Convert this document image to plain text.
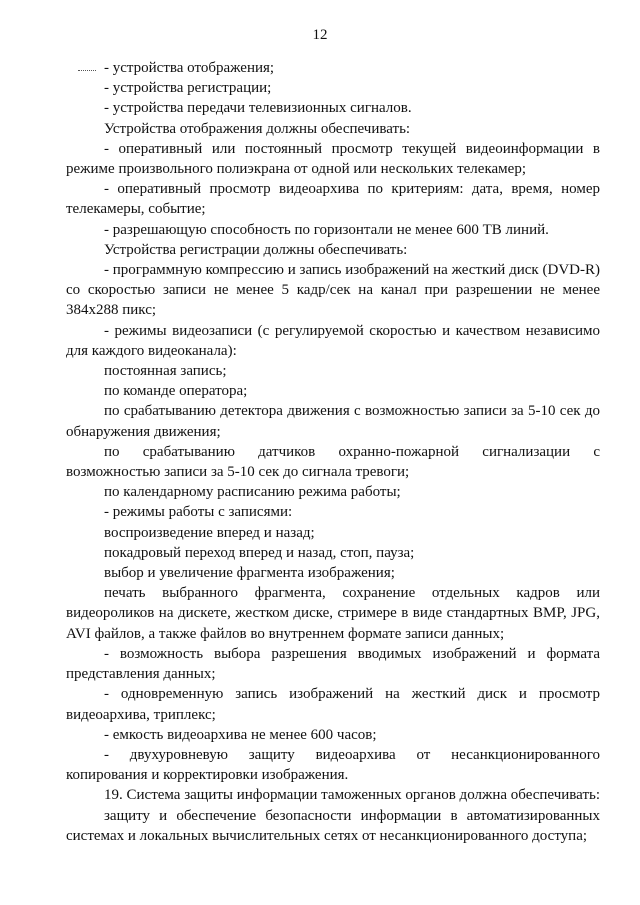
12

- устройства отображения;

- устройства регистрации;

- устройства передачи телевизионных сигналов.

Устройства отображения должны обеспечивать:

- оперативный или постоянный просмотр текущей видеоинформации в режиме произвольного полиэкрана от одной или нескольких телекамер;

- оперативный просмотр видеоархива по критериям: дата, время, номер телекамеры, событие;

- разрешающую способность по горизонтали не менее 600 ТВ линий.

Устройства регистрации должны обеспечивать:

- программную компрессию и запись изображений на жесткий диск (DVD-R) со скоростью записи не менее 5 кадр/сек на канал при разрешении не менее 384х288 пикс;

- режимы видеозаписи (с регулируемой скоростью и качеством независимо для каждого видеоканала):

постоянная запись;

по команде оператора;

по срабатыванию детектора движения с возможностью записи за 5-10 сек до обнаружения движения;

по срабатыванию датчиков охранно-пожарной сигнализации с возможностью записи за 5-10 сек до сигнала тревоги;

по календарному расписанию режима работы;

- режимы работы с записями:

воспроизведение вперед и назад;

покадровый переход вперед и назад, стоп, пауза;

выбор и увеличение фрагмента изображения;

печать выбранного фрагмента, сохранение отдельных кадров или видеороликов на дискете, жестком диске, стримере в виде стандартных BMP, JPG, AVI файлов, а также файлов во внутреннем формате записи данных;

- возможность выбора разрешения вводимых изображений и формата представления данных;

- одновременную запись изображений на жесткий диск и просмотр видеоархива, триплекс;

- емкость видеоархива не менее 600 часов;

- двухуровневую защиту видеоархива от несанкционированного копирования и корректировки изображения.

19. Система защиты информации таможенных органов должна обеспечивать:

защиту и обеспечение безопасности информации в автоматизированных системах и локальных вычислительных сетях от несанкционированного доступа;
